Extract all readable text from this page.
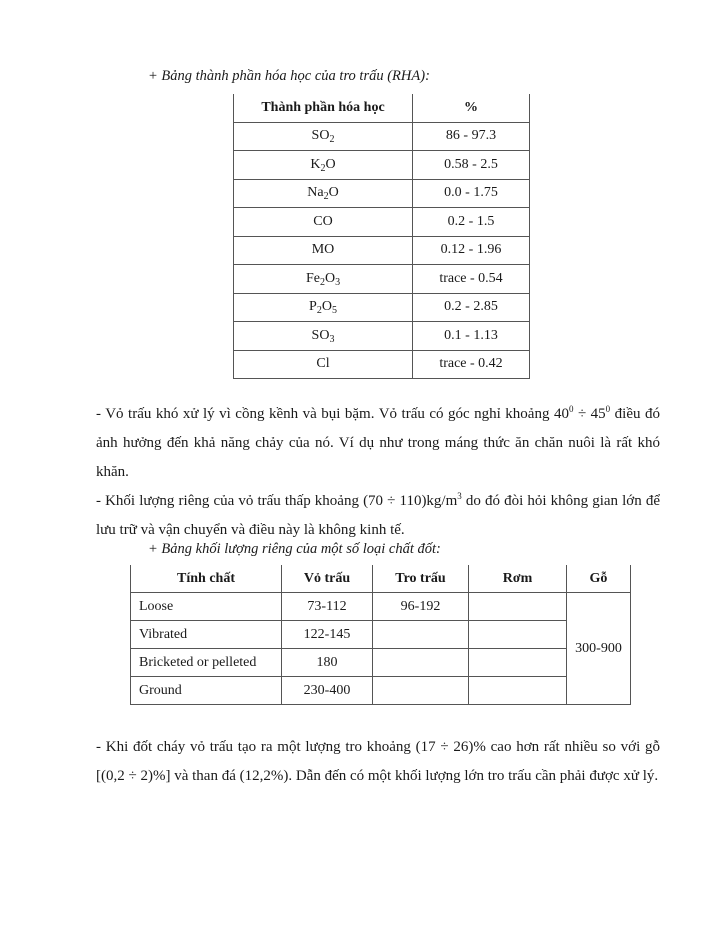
+ Bảng thành phần hóa học của tro trấu (RHA):
Thành phần hóa học	%
$SO_2$	86 - 97.3
$K_2O$	0.58 - 2.5
$Na_2O$	0.0 - 1.75
CO	0.2 - 1.5
MO	0.12 - 1.96
$Fe_2O_3$	trace - 0.54
$P_2O_5$	0.2 - 2.85
$SO_3$	0.1 - 1.13
Cl	trace - 0.42
- Vỏ trấu khó xử lý vì cồng kềnh và bụi bặm. Vỏ trấu có góc nghỉ khoảng $40^0 \div 45^0$ điều đó ảnh hưởng đến khả năng chảy của nó. Ví dụ như trong máng thức ăn chăn nuôi là rất khó khăn.
- Khối lượng riêng của vỏ trấu thấp khoảng $(70 \div 110)kg/m^3$ do đó đòi hỏi không gian lớn để lưu trữ và vận chuyển và điều này là không kinh tế.
+ Bảng khối lượng riêng của một số loại chất đốt:
Tính chất	Vỏ trấu	Tro trấu	Rơm	Gỗ
Loose	73-112	96-192		300-900
Vibrated	122-145			
Bricketed or pelleted	180			
Ground	230-400			
- Khi đốt cháy vỏ trấu tạo ra một lượng tro khoảng (17 ÷ 26)% cao hơn rất nhiều so với gỗ [(0,2 ÷ 2)%] và than đá (12,2%). Dẫn đến có một khối lượng lớn tro trấu cần phải được xử lý.
